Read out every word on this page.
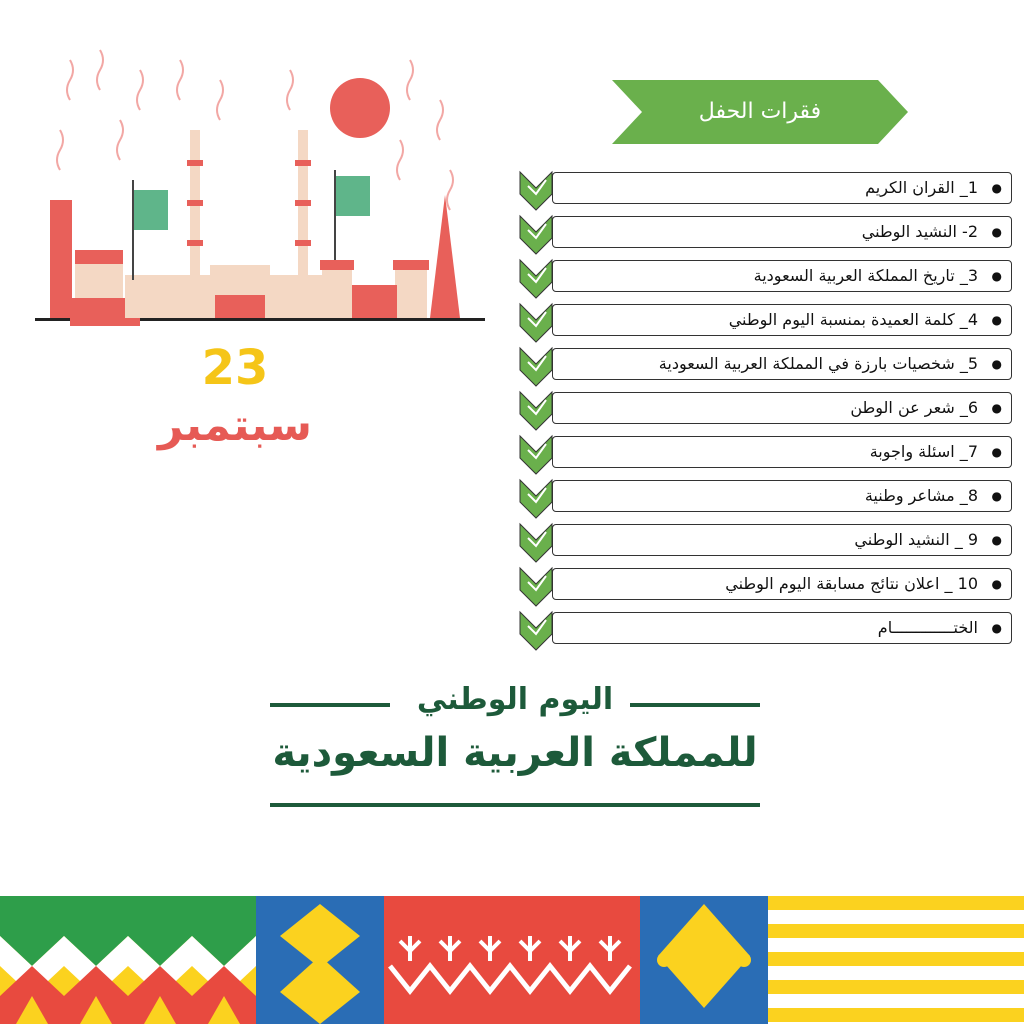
23
سبتمبر
فقرات الحفل
●
1_ القران الكريم
●
2- النشيد الوطني
●
3_ تاريخ المملكة العربية السعودية
●
4_ كلمة العميدة بمنسبة اليوم الوطني
●
5_ شخصيات بارزة في المملكة العربية السعودية
●
6_ شعر عن الوطن
●
7_ اسئلة واجوبة
●
8_ مشاعر وطنية
●
9 _ النشيد الوطني
●
10 _ اعلان نتائج مسابقة اليوم الوطني
●
الختـــــــــــــام
اليوم الوطني
للمملكة العربية السعودية
